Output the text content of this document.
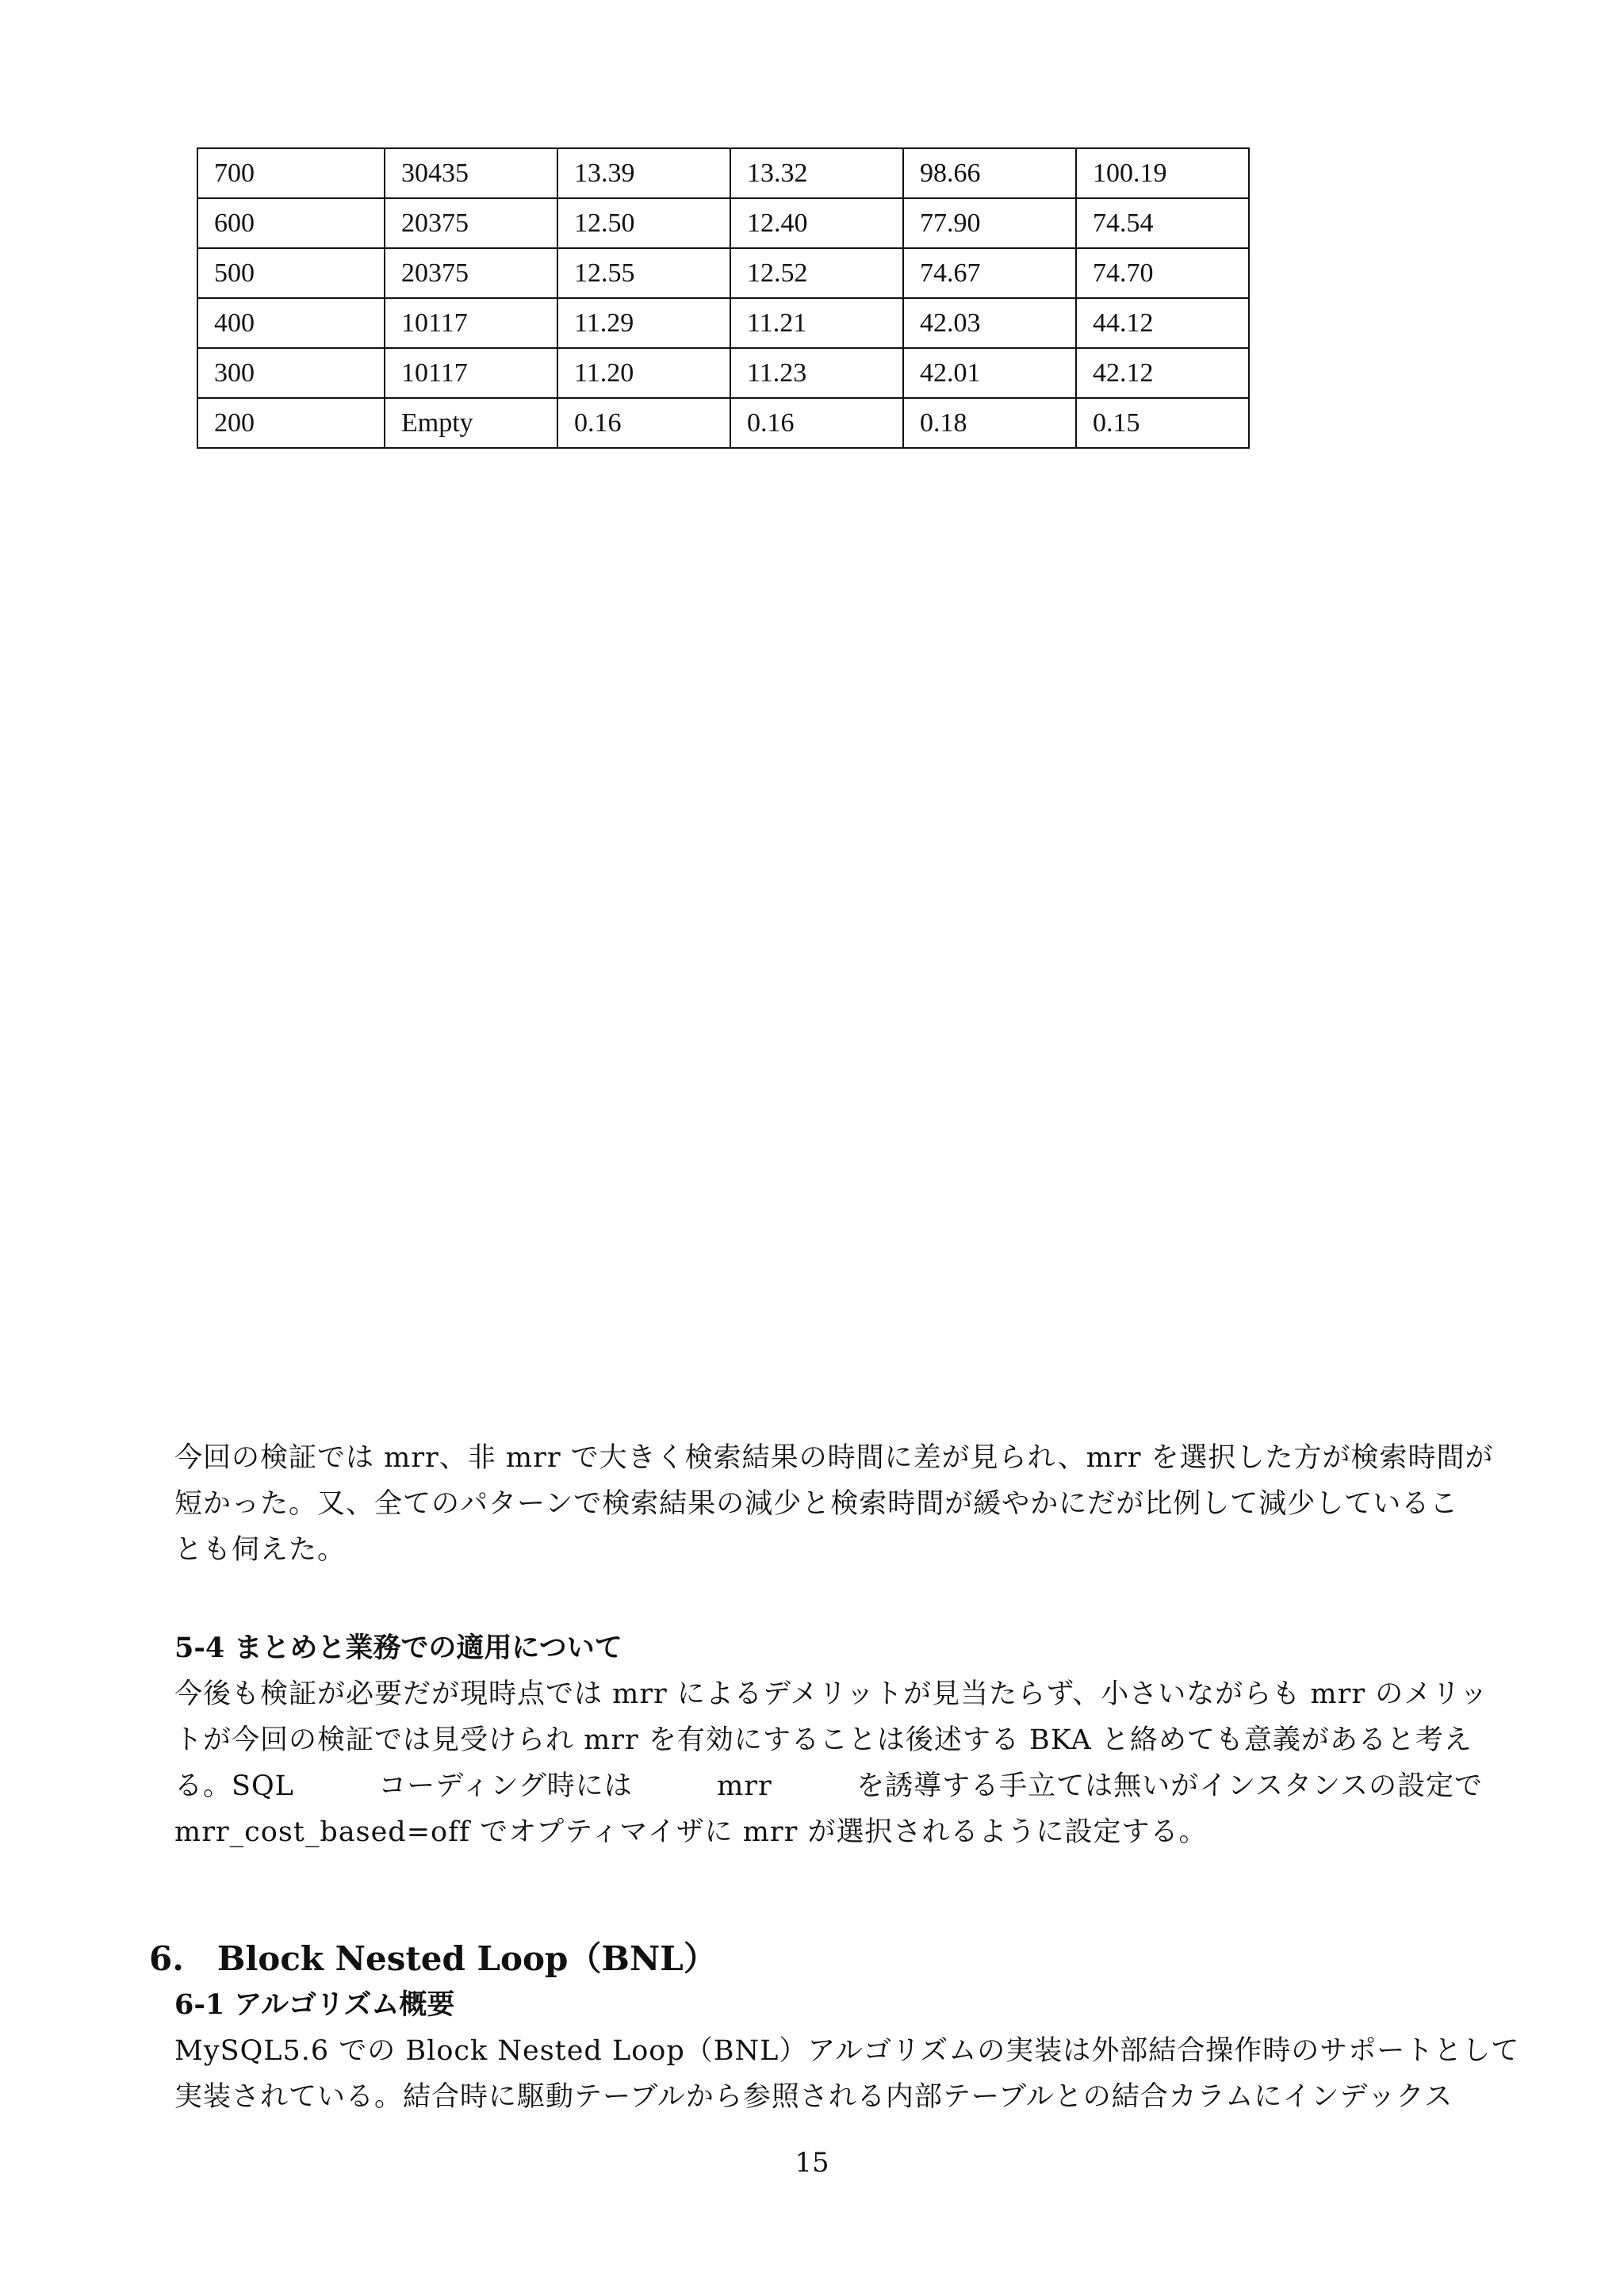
700	30435	13.39	13.32	98.66	100.19
600	20375	12.50	12.40	77.90	74.54
500	20375	12.55	12.52	74.67	74.70
400	10117	11.29	11.21	42.03	44.12
300	10117	11.20	11.23	42.01	42.12
200	Empty	0.16	0.16	0.18	0.15

今回の検証では mrr、非 mrr で大きく検索結果の時間に差が見られ、mrr を選択した方が検索時間が
短かった。又、全てのパターンで検索結果の減少と検索時間が緩やかにだが比例して減少しているこ
とも伺えた。

5-4 まとめと業務での適用について

今後も検証が必要だが現時点では mrr によるデメリットが見当たらず、小さいながらも mrr のメリッ
トが今回の検証では見受けられ mrr を有効にすることは後述する BKA と絡めても意義があると考え
る。SQL	コーディング時には	mrr	を誘導する手立ては無いがインスタンスの設定で
mrr_cost_based=off でオプティマイザに mrr が選択されるように設定する。

6.　Block Nested Loop（BNL）
6-1 アルゴリズム概要

MySQL5.6 での Block Nested Loop（BNL）アルゴリズムの実装は外部結合操作時のサポートとして
実装されている。結合時に駆動テーブルから参照される内部テーブルとの結合カラムにインデックス

15
